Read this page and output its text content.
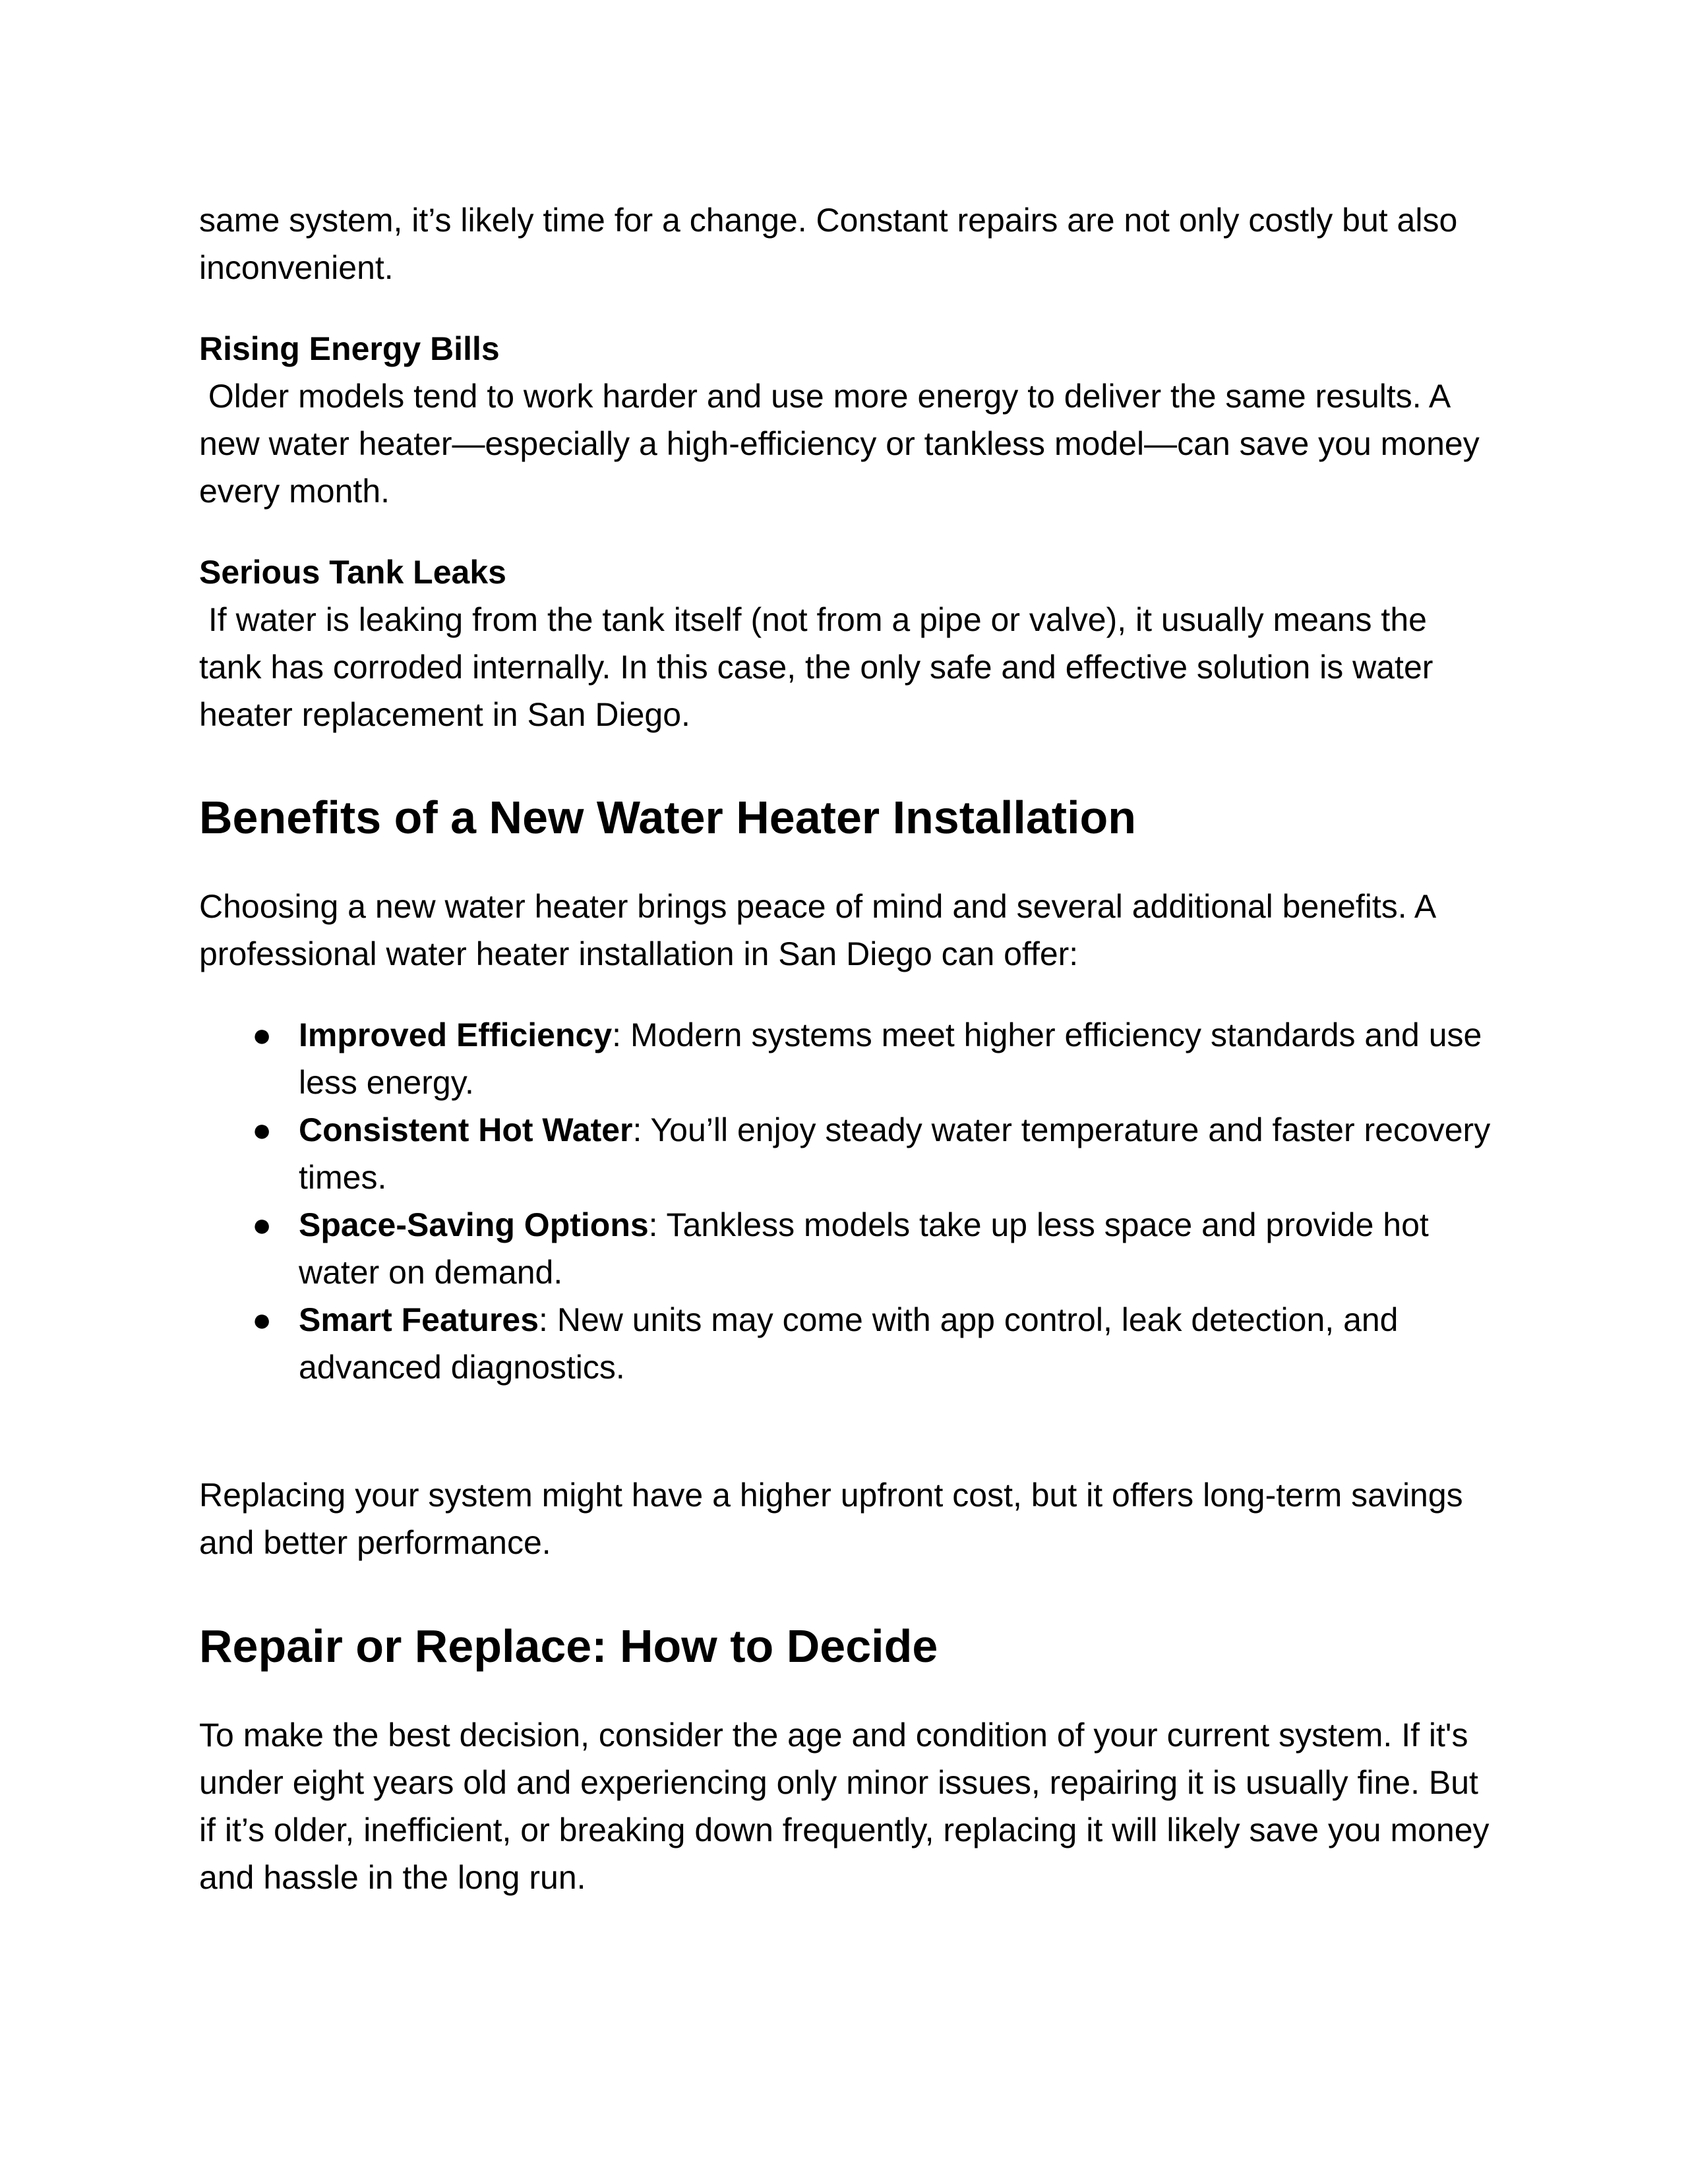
same system, it’s likely time for a change. Constant repairs are not only costly but also inconvenient.
Rising Energy Bills
Older models tend to work harder and use more energy to deliver the same results. A new water heater—especially a high-efficiency or tankless model—can save you money every month.
Serious Tank Leaks
If water is leaking from the tank itself (not from a pipe or valve), it usually means the tank has corroded internally. In this case, the only safe and effective solution is water heater replacement in San Diego.
Benefits of a New Water Heater Installation
Choosing a new water heater brings peace of mind and several additional benefits. A professional water heater installation in San Diego can offer:
● Improved Efficiency: Modern systems meet higher efficiency standards and use less energy.
● Consistent Hot Water: You’ll enjoy steady water temperature and faster recovery times.
● Space-Saving Options: Tankless models take up less space and provide hot water on demand.
● Smart Features: New units may come with app control, leak detection, and advanced diagnostics.
Replacing your system might have a higher upfront cost, but it offers long-term savings and better performance.
Repair or Replace: How to Decide
To make the best decision, consider the age and condition of your current system. If it's under eight years old and experiencing only minor issues, repairing it is usually fine. But if it’s older, inefficient, or breaking down frequently, replacing it will likely save you money and hassle in the long run.
